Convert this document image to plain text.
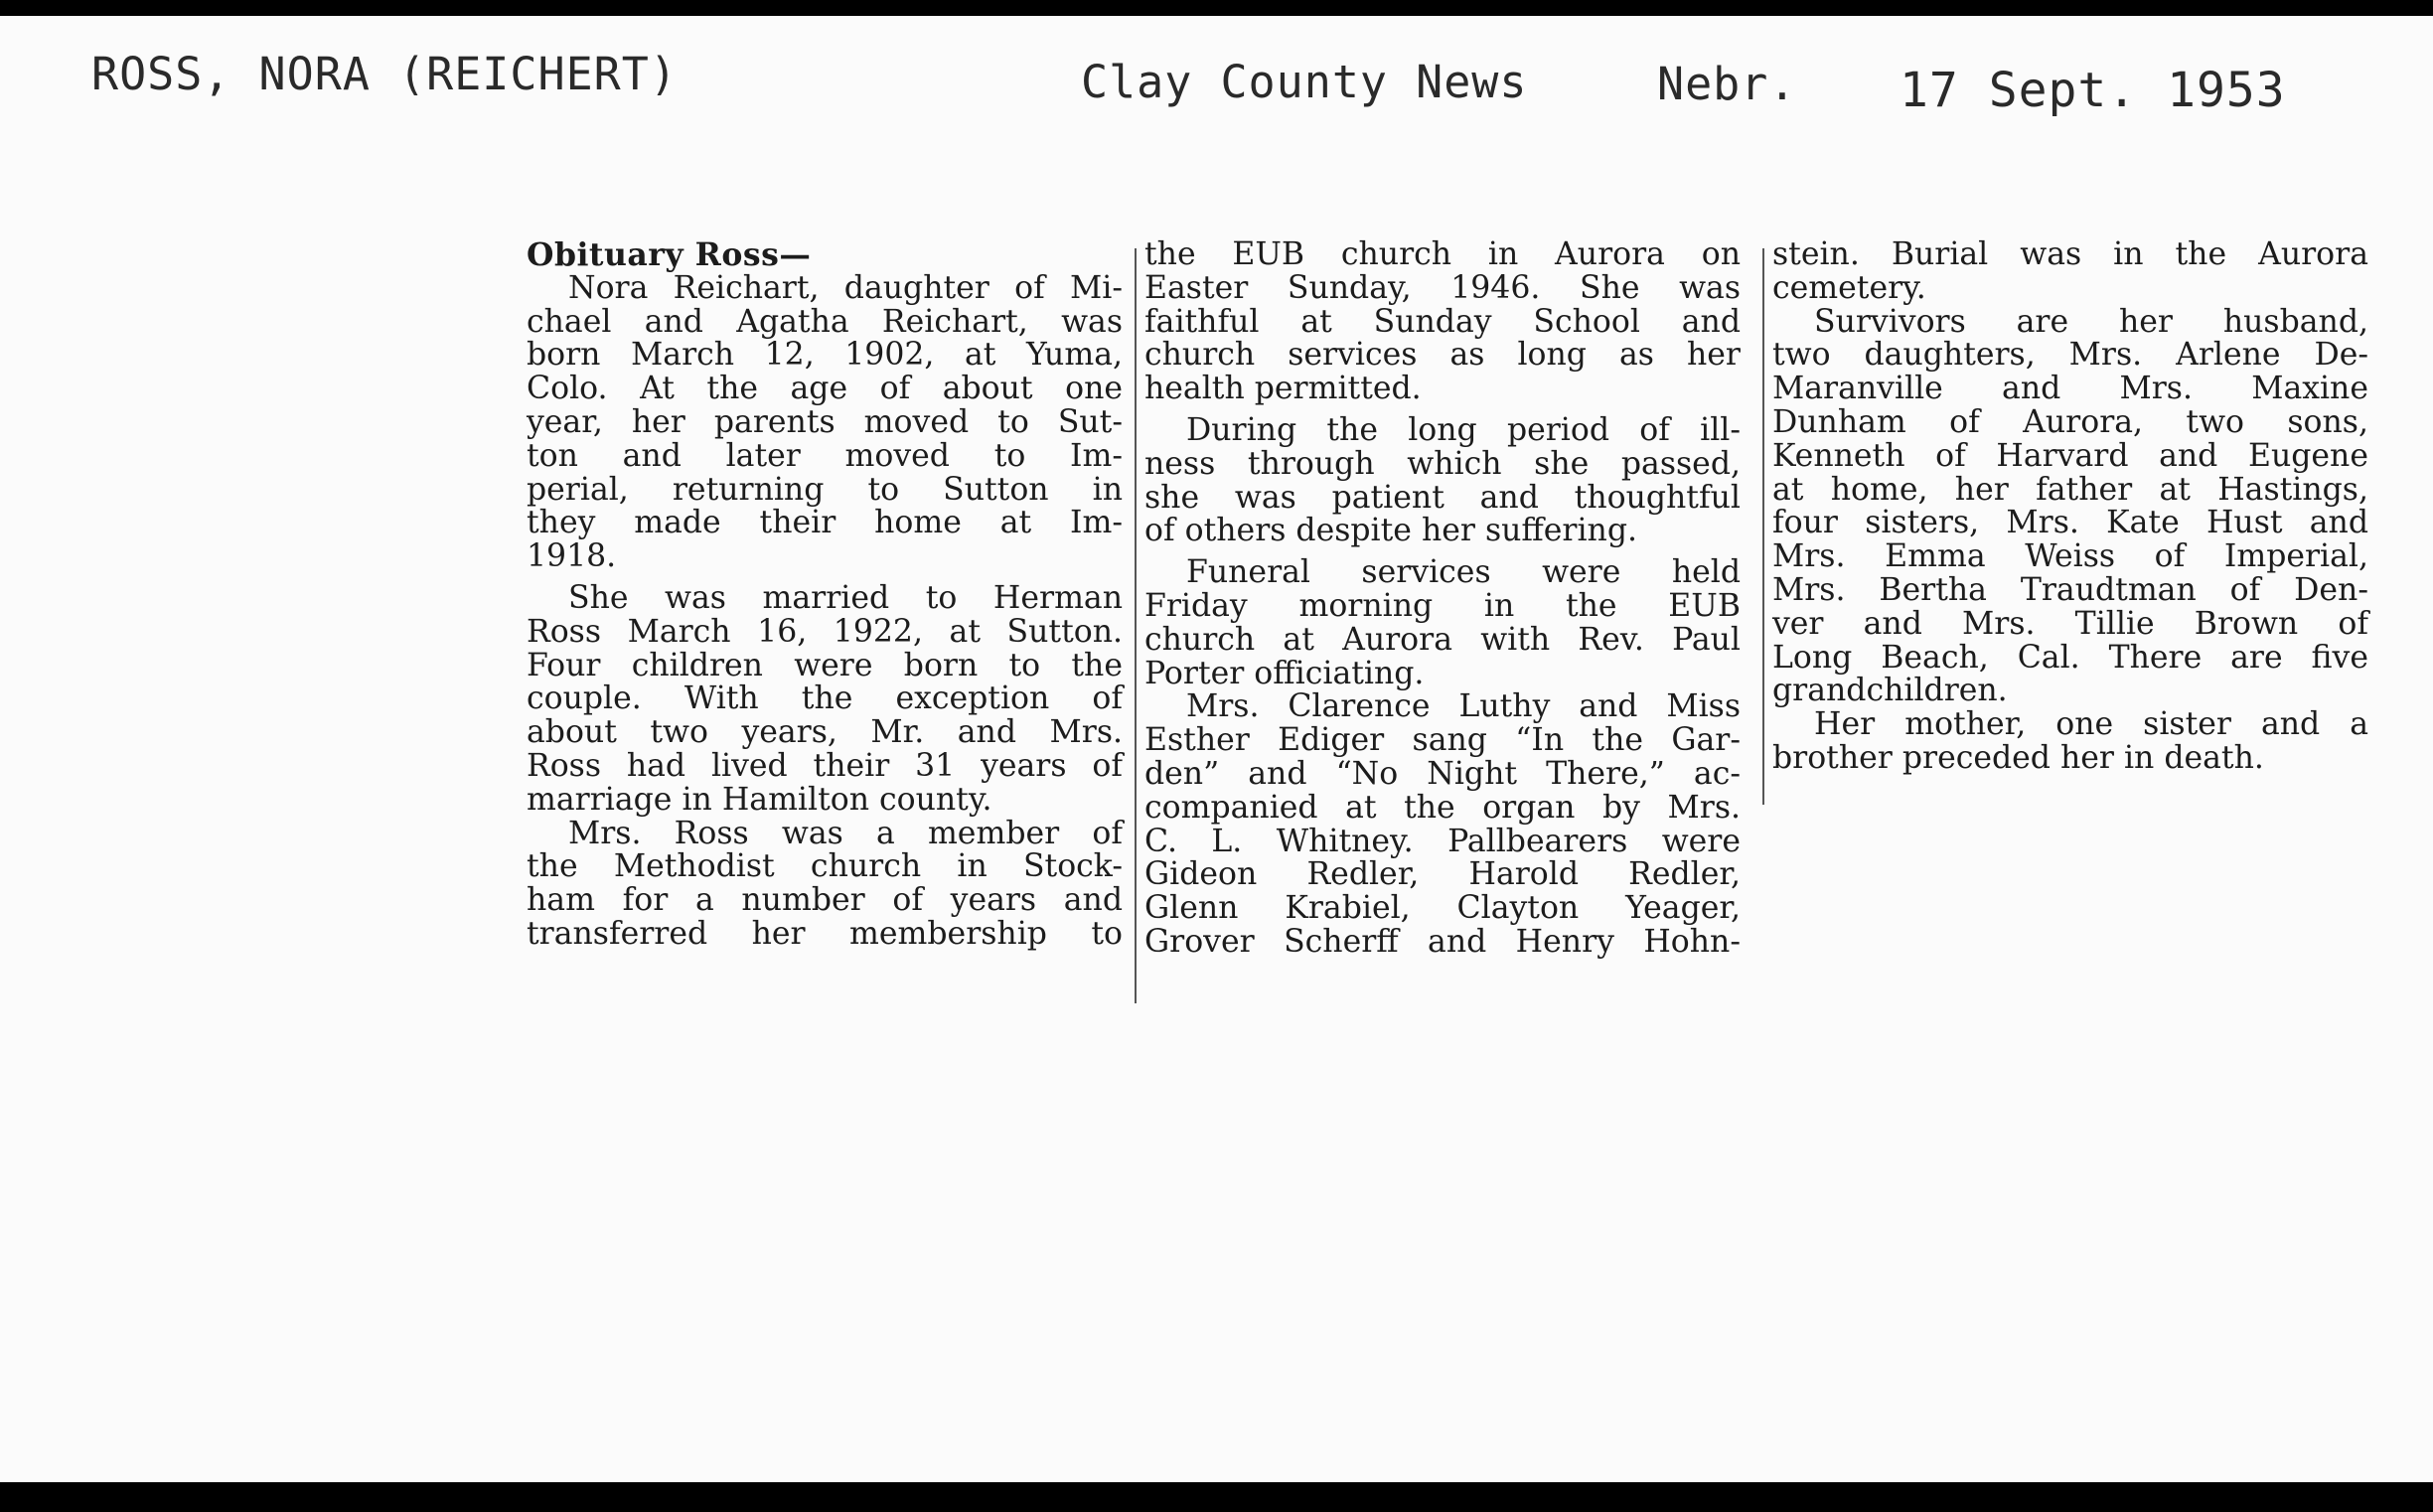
ROSS, NORA (REICHERT)	Clay County News	Nebr. 17 Sept. 1953
Obituary Ross—
Nora Reichart, daughter of Mi-
chael and Agatha Reichart, was
born March 12, 1902, at Yuma,
Colo. At the age of about one
year, her parents moved to Sut-
ton and later moved to Im-
perial, returning to Sutton in
they made their home at Im-
1918.
She was married to Herman
Ross March 16, 1922, at Sutton.
Four children were born to the
couple. With the exception of
about two years, Mr. and Mrs.
Ross had lived their 31 years of
marriage in Hamilton county.
Mrs. Ross was a member of
the Methodist church in Stock-
ham for a number of years and
transferred her membership to
the EUB church in Aurora on
Easter Sunday, 1946. She was
faithful at Sunday School and
church services as long as her
health permitted.
During the long period of ill-
ness through which she passed,
she was patient and thoughtful
of others despite her suffering.
Funeral services were held
Friday morning in the EUB
church at Aurora with Rev. Paul
Porter officiating.
Mrs. Clarence Luthy and Miss
Esther Ediger sang “In the Gar-
den” and “No Night There,” ac-
companied at the organ by Mrs.
C. L. Whitney. Pallbearers were
Gideon Redler, Harold Redler,
Glenn Krabiel, Clayton Yeager,
Grover Scherff and Henry Hohn-
stein. Burial was in the Aurora
cemetery.
Survivors are her husband,
two daughters, Mrs. Arlene De-
Maranville and Mrs. Maxine
Dunham of Aurora, two sons,
Kenneth of Harvard and Eugene
at home, her father at Hastings,
four sisters, Mrs. Kate Hust and
Mrs. Emma Weiss of Imperial,
Mrs. Bertha Traudtman of Den-
ver and Mrs. Tillie Brown of
Long Beach, Cal. There are five
grandchildren.
Her mother, one sister and a
brother preceded her in death.
